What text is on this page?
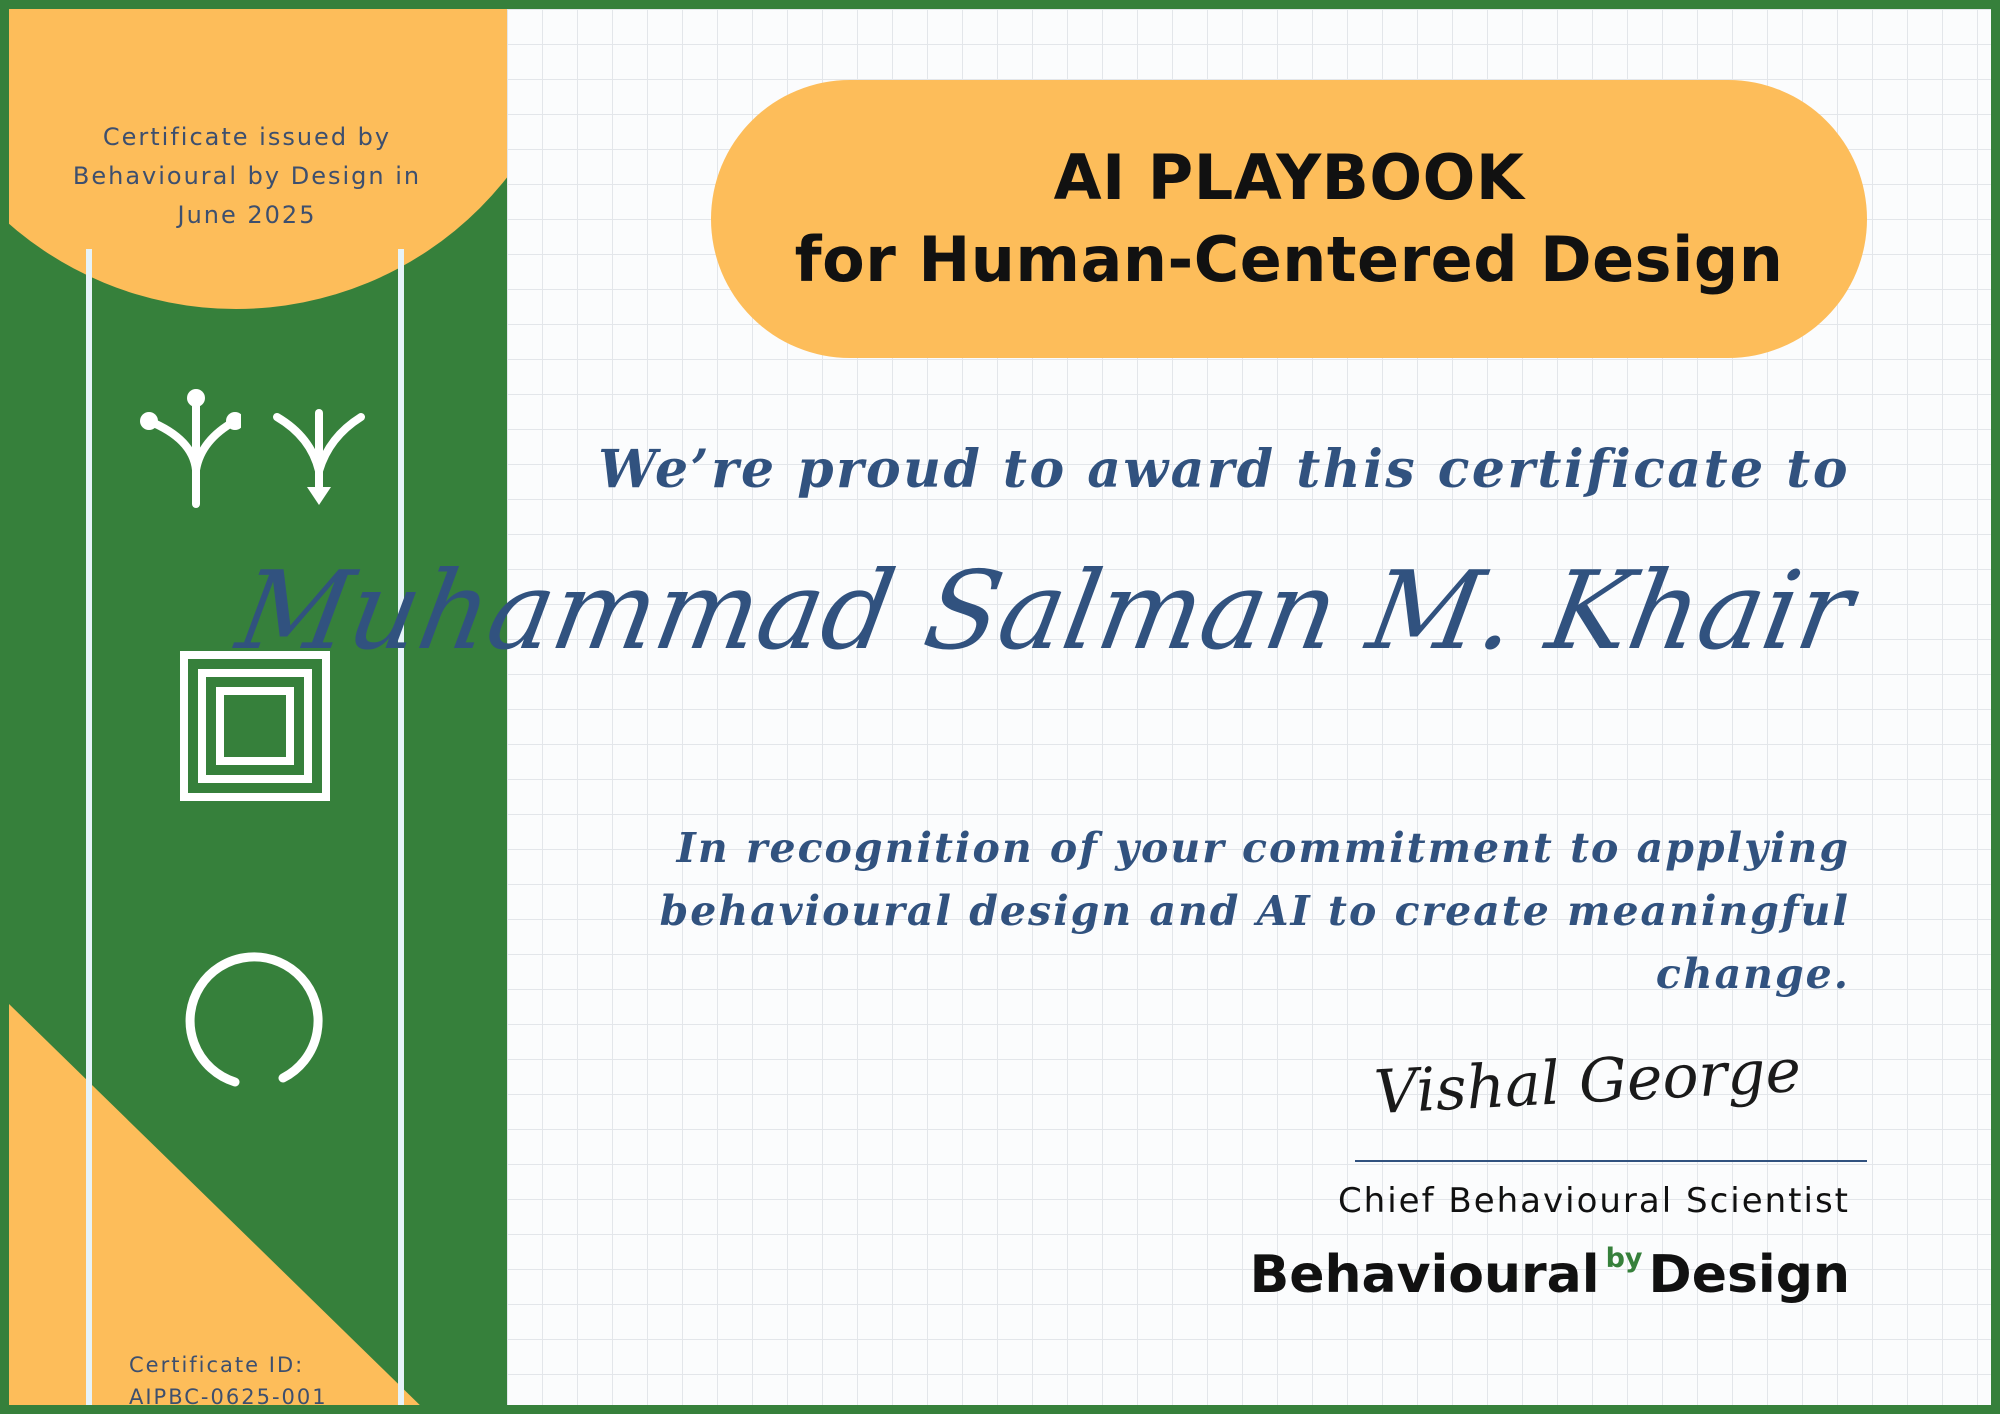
Certificate issued by
Behavioural by Design in
June 2025
Certificate ID:
AIPBC-0625-001
AI PLAYBOOK
for Human-Centered Design
We’re proud to award this certificate to
Muhammad Salman M. Khair
In recognition of your commitment to applying
behavioural design and AI to create meaningful change.
Vishal George
Chief Behavioural Scientist
Behavioural by Design
